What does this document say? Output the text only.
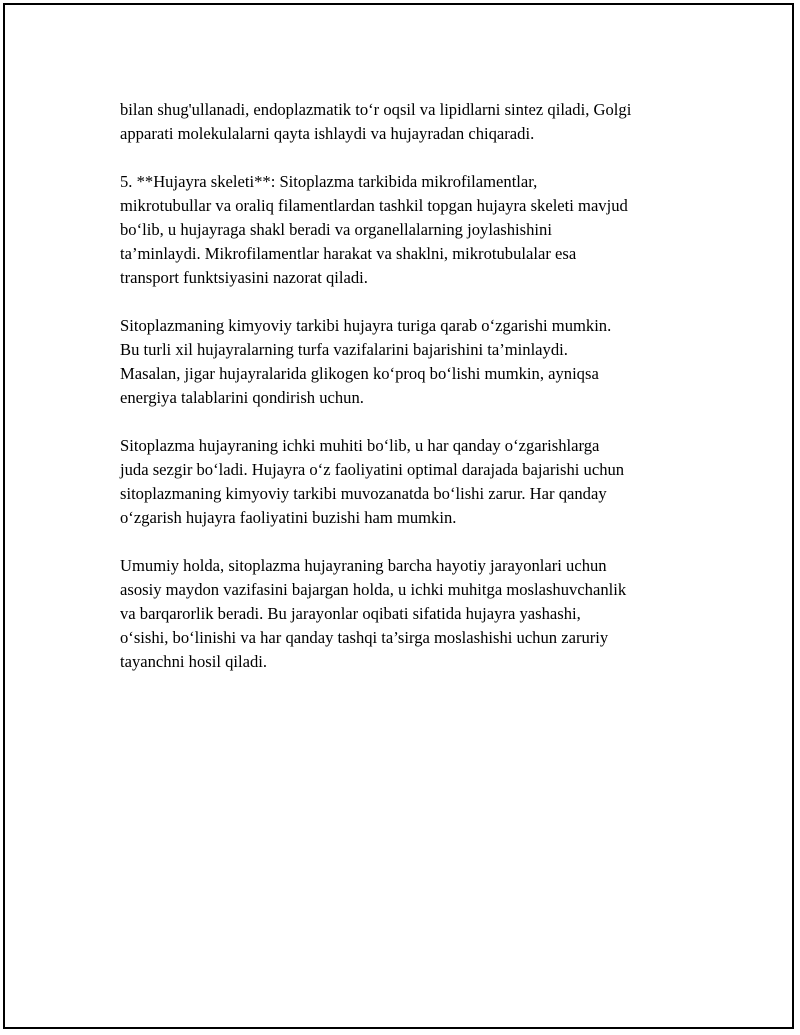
bilan shug'ullanadi, endoplazmatik to‘r oqsil va lipidlarni sintez qiladi, Golgi
apparati molekulalarni qayta ishlaydi va hujayradan chiqaradi.

5. **Hujayra skeleti**: Sitoplazma tarkibida mikrofilamentlar,
mikrotubullar va oraliq filamentlardan tashkil topgan hujayra skeleti mavjud
bo‘lib, u hujayraga shakl beradi va organellalarning joylashishini
ta’minlaydi. Mikrofilamentlar harakat va shaklni, mikrotubulalar esa
transport funktsiyasini nazorat qiladi.

Sitoplazmaning kimyoviy tarkibi hujayra turiga qarab o‘zgarishi mumkin.
Bu turli xil hujayralarning turfa vazifalarini bajarishini ta’minlaydi.
Masalan, jigar hujayralarida glikogen ko‘proq bo‘lishi mumkin, ayniqsa
energiya talablarini qondirish uchun.

Sitoplazma hujayraning ichki muhiti bo‘lib, u har qanday o‘zgarishlarga
juda sezgir bo‘ladi. Hujayra o‘z faoliyatini optimal darajada bajarishi uchun
sitoplazmaning kimyoviy tarkibi muvozanatda bo‘lishi zarur. Har qanday
o‘zgarish hujayra faoliyatini buzishi ham mumkin.

Umumiy holda, sitoplazma hujayraning barcha hayotiy jarayonlari uchun
asosiy maydon vazifasini bajargan holda, u ichki muhitga moslashuvchanlik
va barqarorlik beradi. Bu jarayonlar oqibati sifatida hujayra yashashi,
o‘sishi, bo‘linishi va har qanday tashqi ta’sirga moslashishi uchun zaruriy
tayanchni hosil qiladi.
